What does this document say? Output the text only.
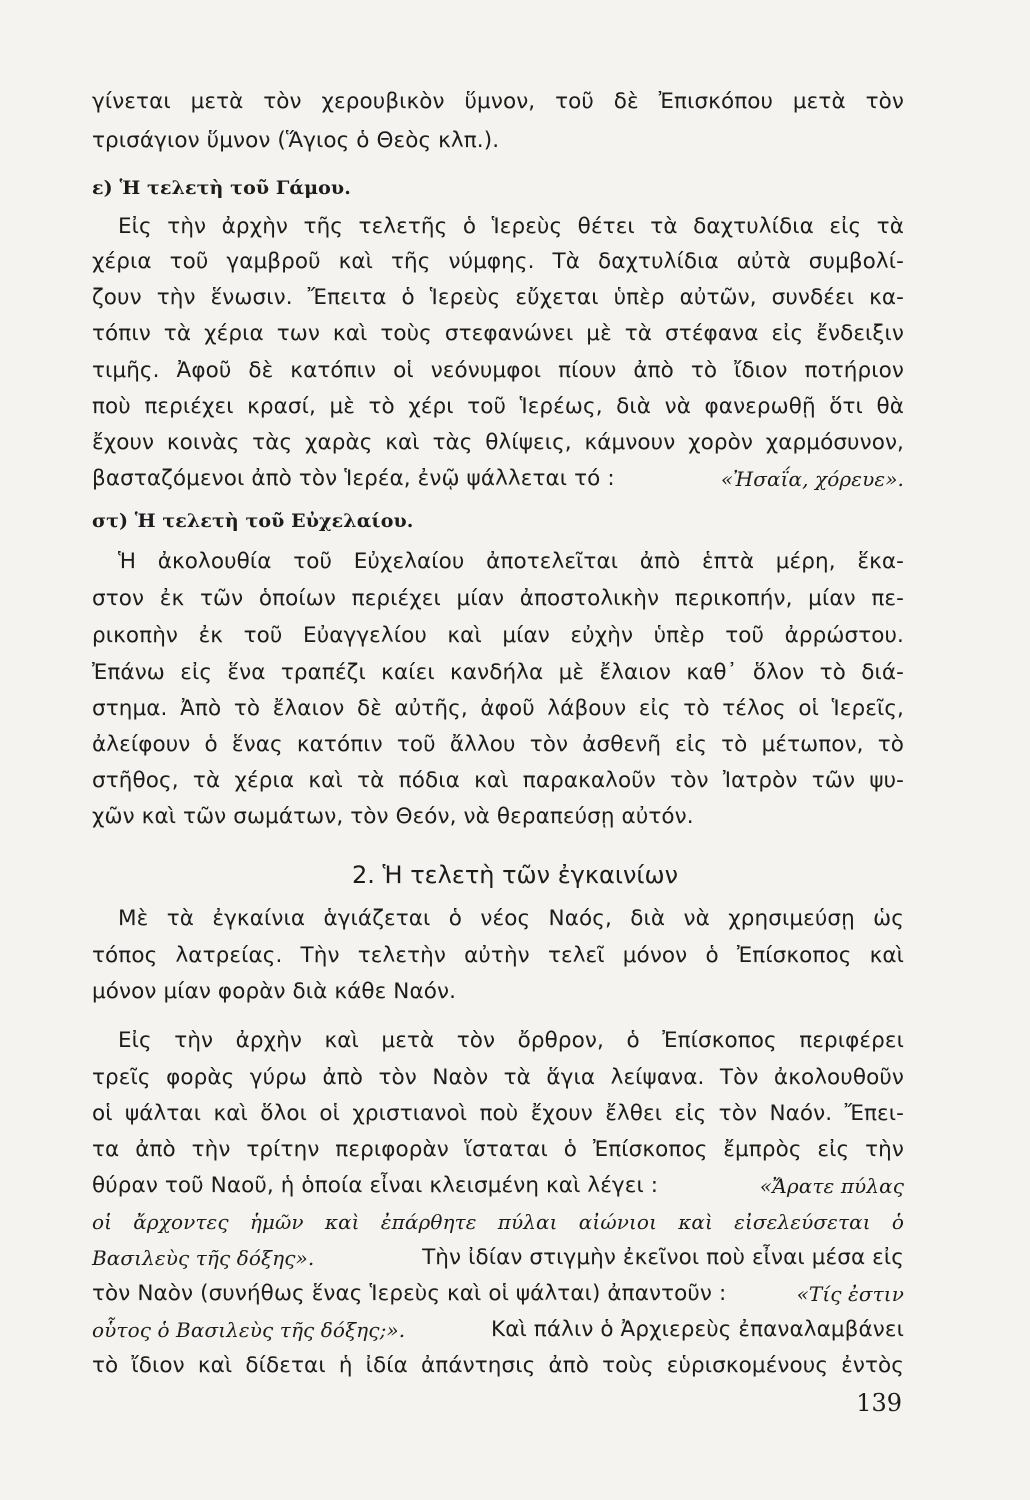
γίνεται μετὰ τὸν χερουβικὸν ὕμνον, τοῦ δὲ Ἐπισκόπου μετὰ τὸν
τρισάγιον ὕμνον (Ἅγιος ὁ Θεὸς κλπ.).
ε) Ἡ τελετὴ τοῦ Γάμου.
Εἰς τὴν ἀρχὴν τῆς τελετῆς ὁ Ἱερεὺς θέτει τὰ δαχτυλίδια εἰς τὰ
χέρια τοῦ γαμβροῦ καὶ τῆς νύμφης. Τὰ δαχτυλίδια αὐτὰ συμβολί-
ζουν τὴν ἕνωσιν. Ἔπειτα ὁ Ἱερεὺς εὔχεται ὑπὲρ αὐτῶν, συνδέει κα-
τόπιν τὰ χέρια των καὶ τοὺς στεφανώνει μὲ τὰ στέφανα εἰς ἔνδειξιν
τιμῆς. Ἀφοῦ δὲ κατόπιν οἱ νεόνυμφοι πίουν ἀπὸ τὸ ἴδιον ποτήριον
ποὺ περιέχει κρασί, μὲ τὸ χέρι τοῦ Ἱερέως, διὰ νὰ φανερωθῇ ὅτι θὰ
ἔχουν κοινὰς τὰς χαρὰς καὶ τὰς θλίψεις, κάμνουν χορὸν χαρμόσυνον,
βασταζόμενοι ἀπὸ τὸν Ἱερέα, ἐνῷ ψάλλεται τό :	«Ἠσαΐα, χόρευε».
στ) Ἡ τελετὴ τοῦ Εὐχελαίου.
Ἡ ἀκολουθία τοῦ Εὐχελαίου ἀποτελεῖται ἀπὸ ἑπτὰ μέρη, ἕκα-
στον ἐκ τῶν ὁποίων περιέχει μίαν ἀποστολικὴν περικοπήν, μίαν πε-
ρικοπὴν ἐκ τοῦ Εὐαγγελίου καὶ μίαν εὐχὴν ὑπὲρ τοῦ ἀρρώστου.
Ἐπάνω εἰς ἕνα τραπέζι καίει κανδήλα μὲ ἔλαιον καθ᾽ ὅλον τὸ διά-
στημα. Ἀπὸ τὸ ἔλαιον δὲ αὐτῆς, ἀφοῦ λάβουν εἰς τὸ τέλος οἱ Ἱερεῖς,
ἀλείφουν ὁ ἕνας κατόπιν τοῦ ἄλλου τὸν ἀσθενῆ εἰς τὸ μέτωπον, τὸ
στῆθος, τὰ χέρια καὶ τὰ πόδια καὶ παρακαλοῦν τὸν Ἰατρὸν τῶν ψυ-
χῶν καὶ τῶν σωμάτων, τὸν Θεόν, νὰ θεραπεύσῃ αὐτόν.
2. Ἡ τελετὴ τῶν ἐγκαινίων
Μὲ τὰ ἐγκαίνια ἁγιάζεται ὁ νέος Ναός, διὰ νὰ χρησιμεύσῃ ὡς
τόπος λατρείας. Τὴν τελετὴν αὐτὴν τελεῖ μόνον ὁ Ἐπίσκοπος καὶ
μόνον μίαν φορὰν διὰ κάθε Ναόν.
Εἰς τὴν ἀρχὴν καὶ μετὰ τὸν ὄρθρον, ὁ Ἐπίσκοπος περιφέρει
τρεῖς φορὰς γύρω ἀπὸ τὸν Ναὸν τὰ ἅγια λείψανα. Τὸν ἀκολουθοῦν
οἱ ψάλται καὶ ὅλοι οἱ χριστιανοὶ ποὺ ἔχουν ἔλθει εἰς τὸν Ναόν. Ἔπει-
τα ἀπὸ τὴν τρίτην περιφορὰν ἵσταται ὁ Ἐπίσκοπος ἔμπρὸς εἰς τὴν
θύραν τοῦ Ναοῦ, ἡ ὁποία εἶναι κλεισμένη καὶ λέγει :	«Ἄρατε πύλας
οἱ ἄρχοντες ἡμῶν καὶ ἐπάρθητε πύλαι αἰώνιοι καὶ εἰσελεύσεται ὁ
Βασιλεὺς τῆς δόξης».	Τὴν ἰδίαν στιγμὴν ἐκεῖνοι ποὺ εἶναι μέσα εἰς
τὸν Ναὸν (συνήθως ἕνας Ἱερεὺς καὶ οἱ ψάλται) ἀπαντοῦν :	«Τίς ἐστιν
οὗτος ὁ Βασιλεὺς τῆς δόξης;».	Καὶ πάλιν ὁ Ἀρχιερεὺς ἐπαναλαμβάνει
τὸ ἴδιον καὶ δίδεται ἡ ἰδία ἀπάντησις ἀπὸ τοὺς εὑρισκομένους ἐντὸς
139
